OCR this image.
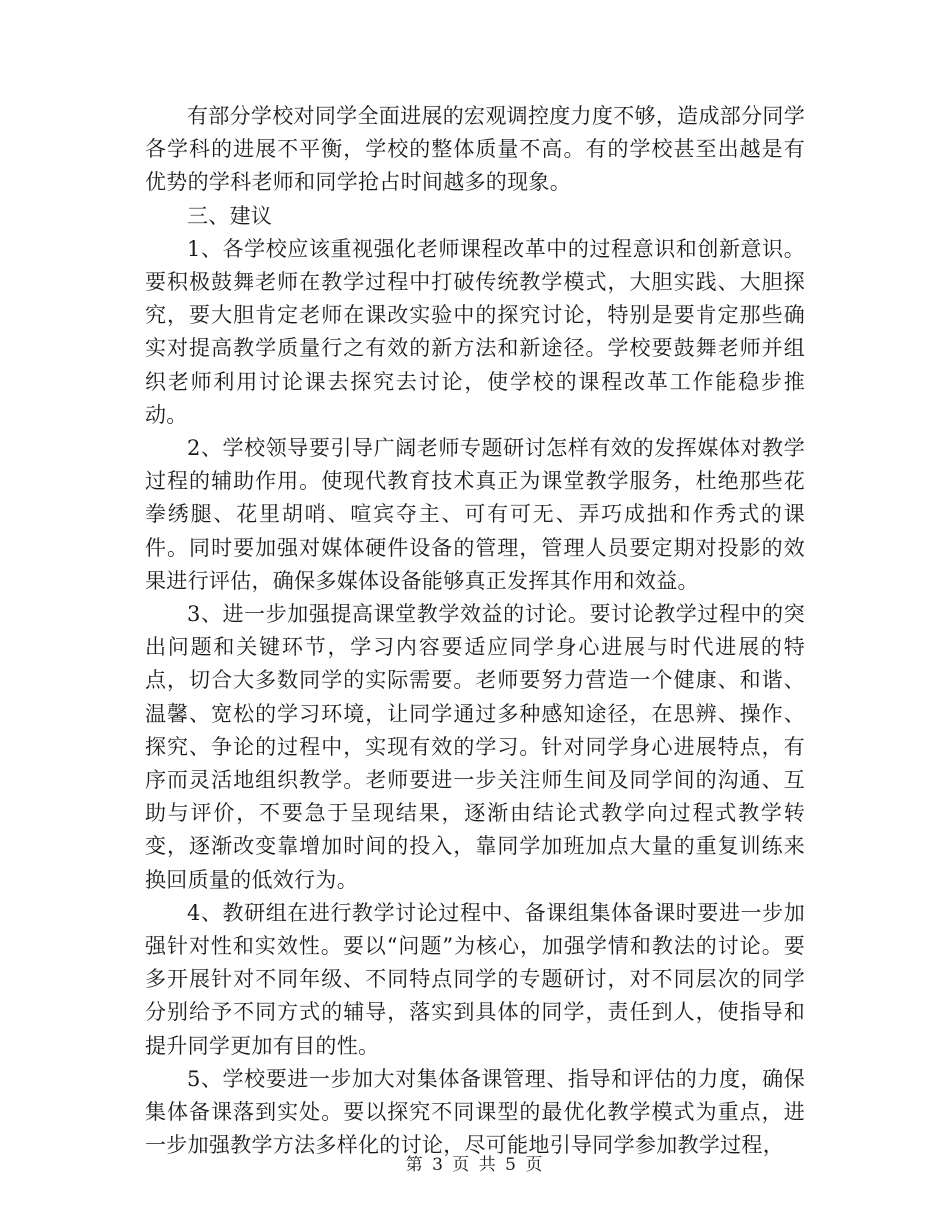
有部分学校对同学全面进展的宏观调控度力度不够，造成部分同学各学科的进展不平衡，学校的整体质量不高。有的学校甚至出越是有优势的学科老师和同学抢占时间越多的现象。

三、建议

1、各学校应该重视强化老师课程改革中的过程意识和创新意识。要积极鼓舞老师在教学过程中打破传统教学模式，大胆实践、大胆探究，要大胆肯定老师在课改实验中的探究讨论，特别是要肯定那些确实对提高教学质量行之有效的新方法和新途径。学校要鼓舞老师并组织老师利用讨论课去探究去讨论，使学校的课程改革工作能稳步推动。

2、学校领导要引导广阔老师专题研讨怎样有效的发挥媒体对教学过程的辅助作用。使现代教育技术真正为课堂教学服务，杜绝那些花拳绣腿、花里胡哨、喧宾夺主、可有可无、弄巧成拙和作秀式的课件。同时要加强对媒体硬件设备的管理，管理人员要定期对投影的效果进行评估，确保多媒体设备能够真正发挥其作用和效益。

3、进一步加强提高课堂教学效益的讨论。要讨论教学过程中的突出问题和关键环节，学习内容要适应同学身心进展与时代进展的特点，切合大多数同学的实际需要。老师要努力营造一个健康、和谐、温馨、宽松的学习环境，让同学通过多种感知途径，在思辨、操作、探究、争论的过程中，实现有效的学习。针对同学身心进展特点，有序而灵活地组织教学。老师要进一步关注师生间及同学间的沟通、互助与评价，不要急于呈现结果，逐渐由结论式教学向过程式教学转变，逐渐改变靠增加时间的投入，靠同学加班加点大量的重复训练来换回质量的低效行为。

4、教研组在进行教学讨论过程中、备课组集体备课时要进一步加强针对性和实效性。要以“问题”为核心，加强学情和教法的讨论。要多开展针对不同年级、不同特点同学的专题研讨，对不同层次的同学分别给予不同方式的辅导，落实到具体的同学，责任到人，使指导和提升同学更加有目的性。

5、学校要进一步加大对集体备课管理、指导和评估的力度，确保集体备课落到实处。要以探究不同课型的最优化教学模式为重点，进一步加强教学方法多样化的讨论，尽可能地引导同学参加教学过程，

第 3 页 共 5 页
